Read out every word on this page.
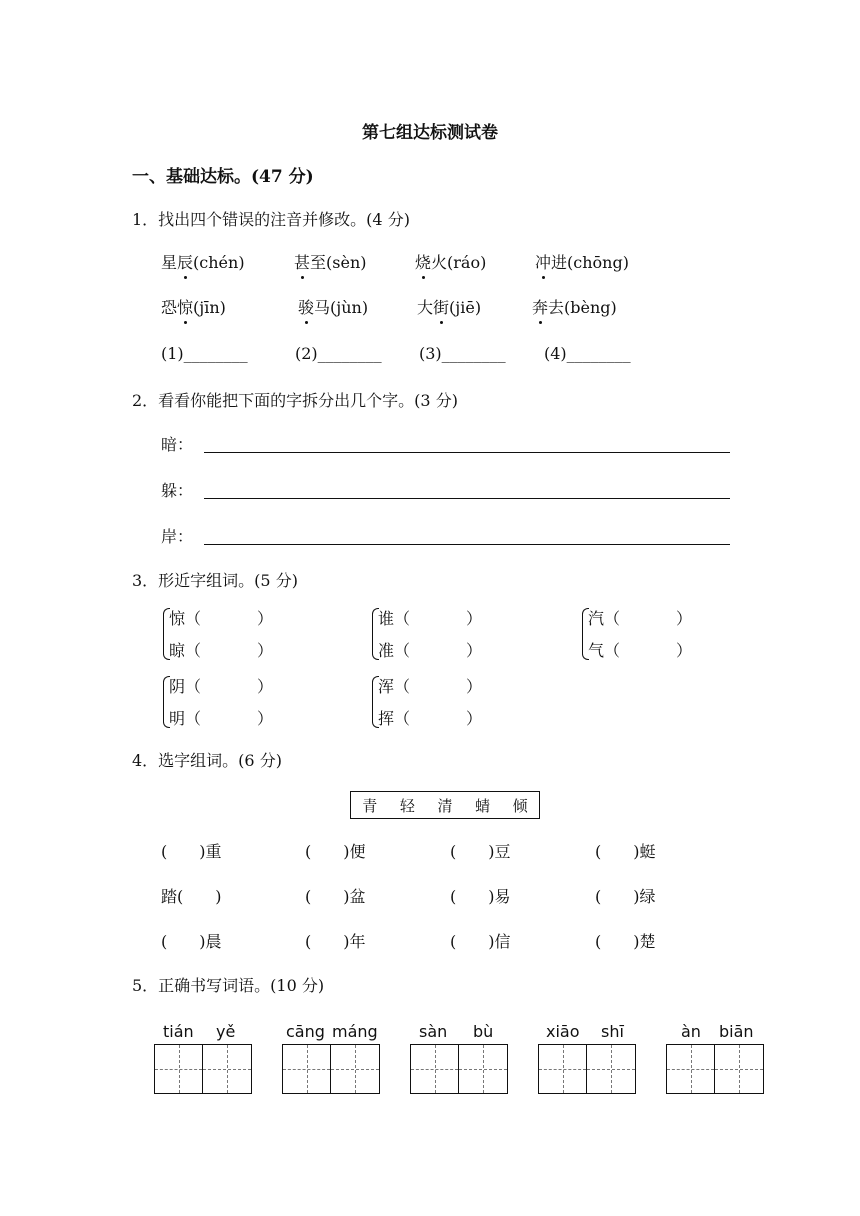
第七组达标测试卷
一、基础达标。(47 分)
1．找出四个错误的注音并修改。(4 分)
星辰(chén)	甚至(sèn)	烧火(ráo)	冲进(chōng)
恐惊(jīn)	骏马(jùn)	大街(jiē)	奔去(bèng)
(1)________	(2)________ (3)________ (4)________
2．看看你能把下面的字拆分出几个字。(3 分)
暗：
躲：
岸：
3．形近字组词。(5 分)
惊（	）
晾（	）
谁（	）
准（	）
汽（	）
气（	）
阴（	）
明（	）
浑（	）
挥（	）
4．选字组词。(6 分)
青 轻 清 蜻 倾
(　　)重	(　　)便	(　　)豆	(　　)蜓
踏(　　)	(　　)盆	(　　)易	(　　)绿
(　　)晨	(　　)年	(　　)信	(　　)楚
5．正确书写词语。(10 分)
tián yě	cāng máng	sàn bù	xiāo shī	àn biān
